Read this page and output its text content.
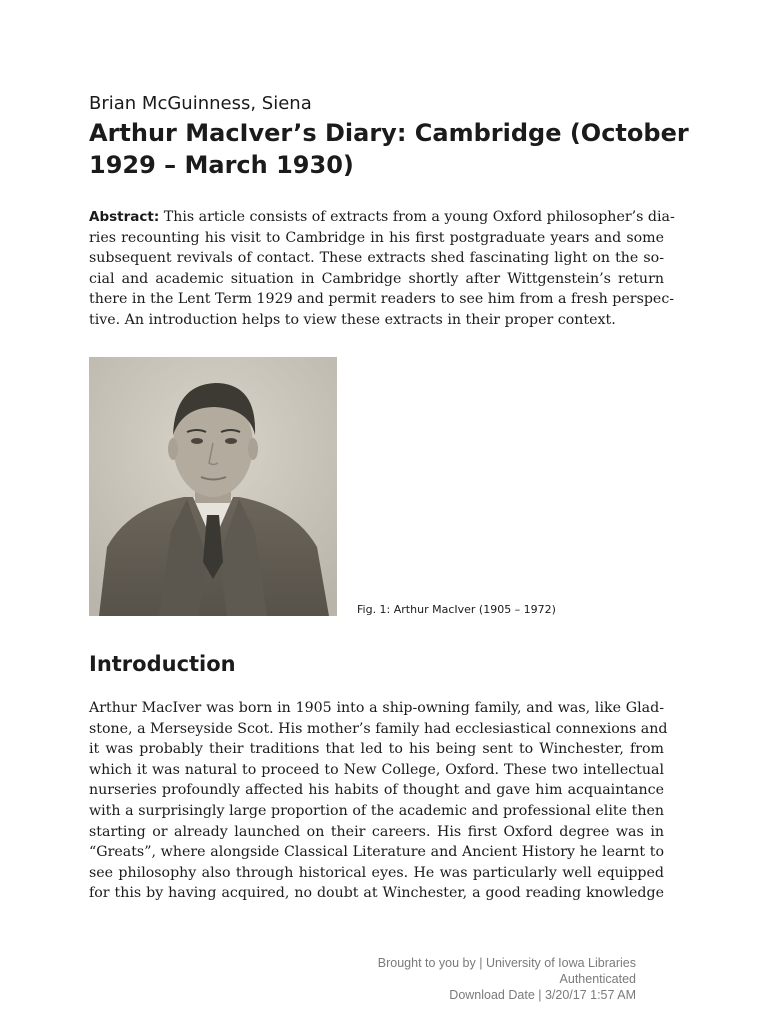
Brian McGuinness, Siena
Arthur MacIver’s Diary: Cambridge (October
1929 – March 1930)
Abstract: This article consists of extracts from a young Oxford philosopher’s dia-
ries recounting his visit to Cambridge in his first postgraduate years and some
subsequent revivals of contact. These extracts shed fascinating light on the so-
cial and academic situation in Cambridge shortly after Wittgenstein’s return
there in the Lent Term 1929 and permit readers to see him from a fresh perspec-
tive. An introduction helps to view these extracts in their proper context.
Fig. 1: Arthur MacIver (1905 – 1972)
Introduction
Arthur MacIver was born in 1905 into a ship-owning family, and was, like Glad-
stone, a Merseyside Scot. His mother’s family had ecclesiastical connexions and
it was probably their traditions that led to his being sent to Winchester, from
which it was natural to proceed to New College, Oxford. These two intellectual
nurseries profoundly affected his habits of thought and gave him acquaintance
with a surprisingly large proportion of the academic and professional elite then
starting or already launched on their careers. His first Oxford degree was in
“Greats”, where alongside Classical Literature and Ancient History he learnt to
see philosophy also through historical eyes. He was particularly well equipped
for this by having acquired, no doubt at Winchester, a good reading knowledge
Brought to you by | University of Iowa Libraries
Authenticated
Download Date | 3/20/17 1:57 AM
